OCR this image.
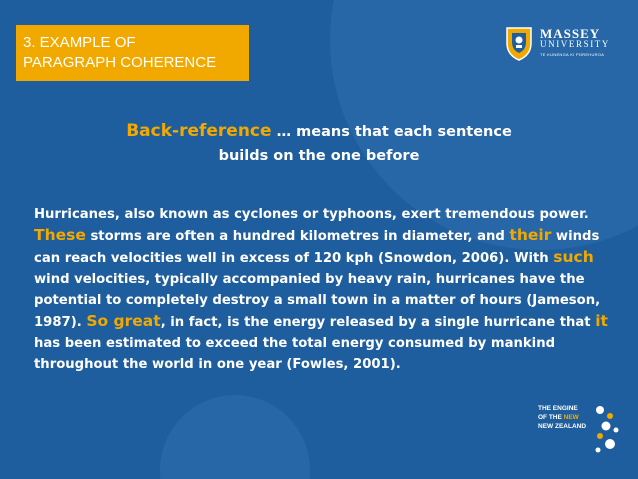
3. EXAMPLE OF
PARAGRAPH COHERENCE
MASSEY
UNIVERSITY
TE KUNENGA KI PŪREHUROA
Back-reference … means that each sentence
builds on the one before
Hurricanes, also known as cyclones or typhoons, exert tremendous power. These storms are often a hundred kilometres in diameter, and their winds can reach velocities well in excess of 120 kph (Snowdon, 2006). With such wind velocities, typically accompanied by heavy rain, hurricanes have the potential to completely destroy a small town in a matter of hours (Jameson, 1987). So great, in fact, is the energy released by a single hurricane that it has been estimated to exceed the total energy consumed by mankind throughout the world in one year (Fowles, 2001).
THE ENGINE
OF THE NEW
NEW ZEALAND
